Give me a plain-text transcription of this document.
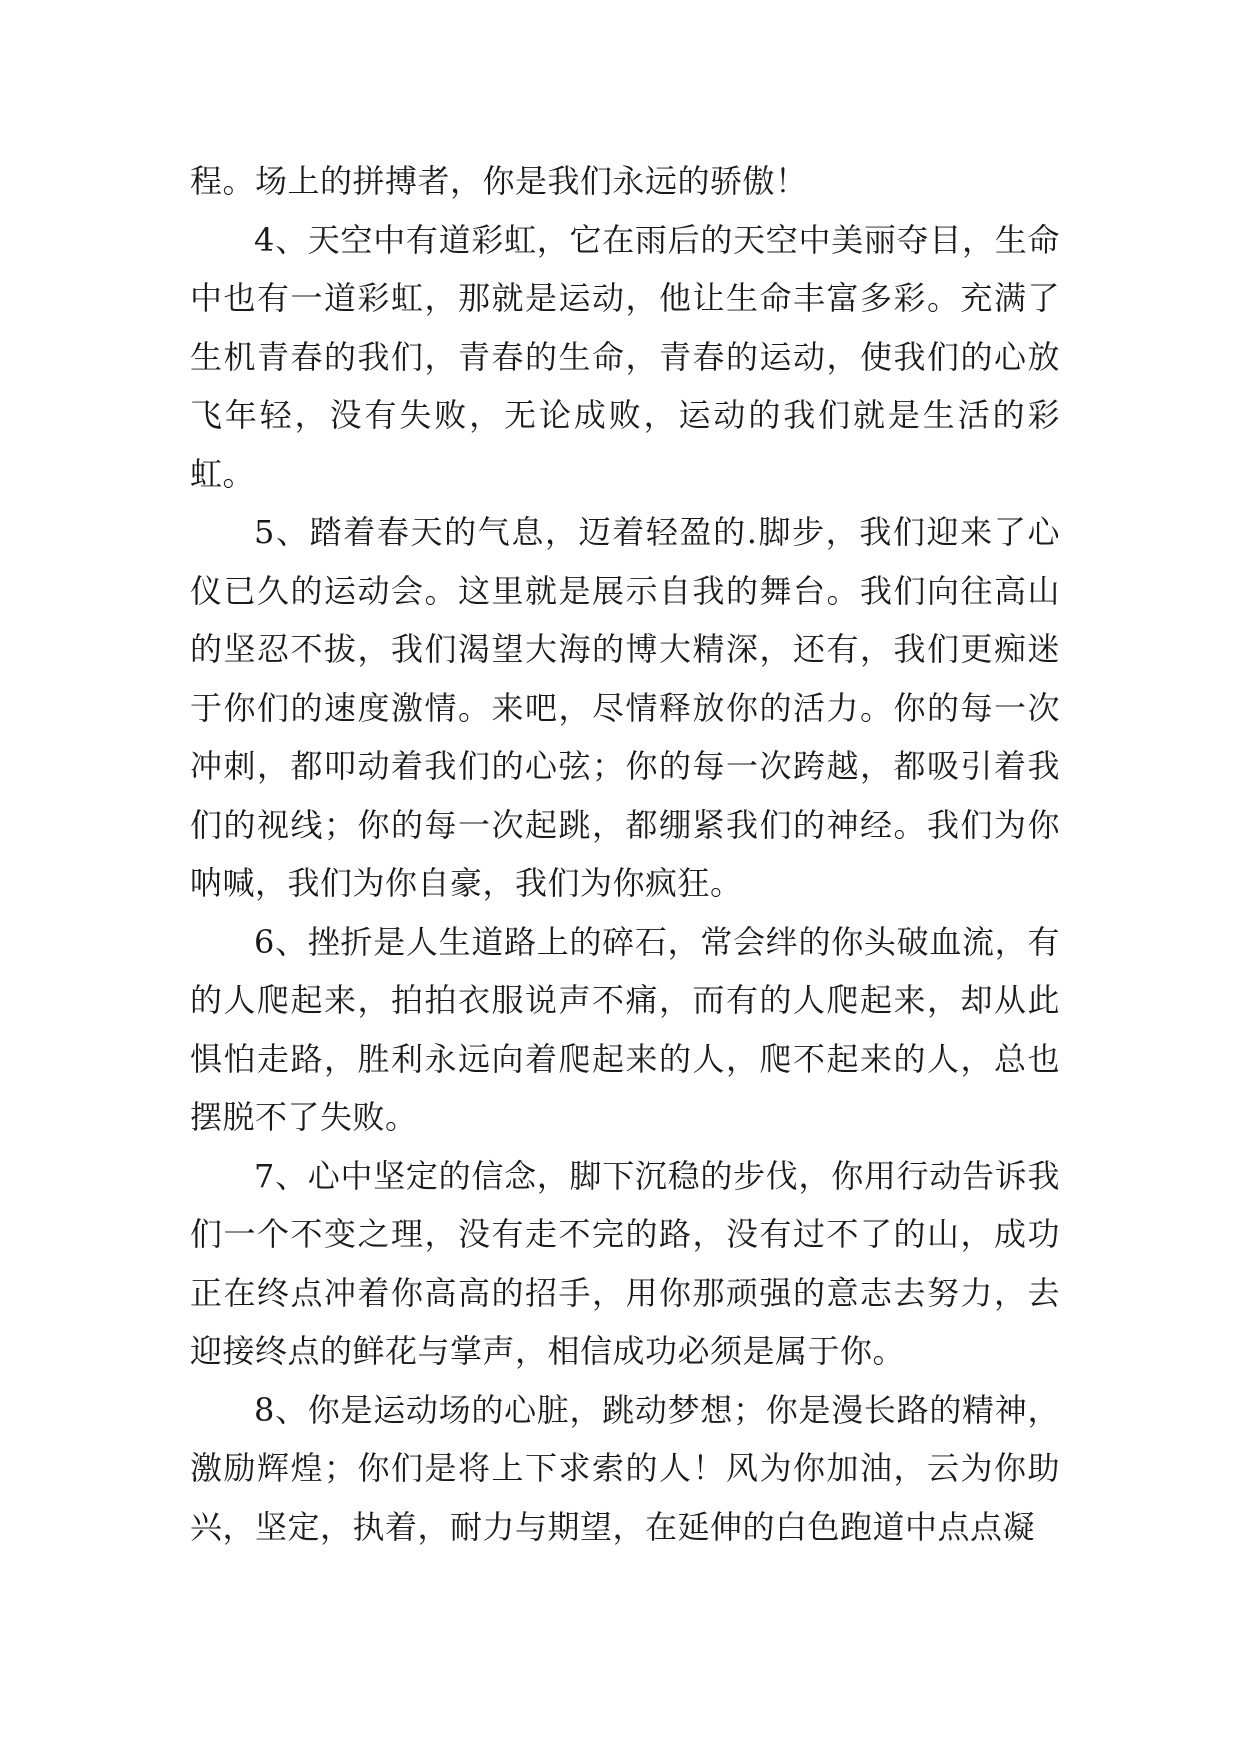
程。场上的拼搏者，你是我们永远的骄傲！

4、天空中有道彩虹，它在雨后的天空中美丽夺目，生命中也有一道彩虹，那就是运动，他让生命丰富多彩。充满了生机青春的我们，青春的生命，青春的运动，使我们的心放飞年轻，没有失败，无论成败，运动的我们就是生活的彩虹。

5、踏着春天的气息，迈着轻盈的.脚步，我们迎来了心仪已久的运动会。这里就是展示自我的舞台。我们向往高山的坚忍不拔，我们渴望大海的博大精深，还有，我们更痴迷于你们的速度激情。来吧，尽情释放你的活力。你的每一次冲刺，都叩动着我们的心弦；你的每一次跨越，都吸引着我们的视线；你的每一次起跳，都绷紧我们的神经。我们为你呐喊，我们为你自豪，我们为你疯狂。

6、挫折是人生道路上的碎石，常会绊的你头破血流，有的人爬起来，拍拍衣服说声不痛，而有的人爬起来，却从此惧怕走路，胜利永远向着爬起来的人，爬不起来的人，总也摆脱不了失败。

7、心中坚定的信念，脚下沉稳的步伐，你用行动告诉我们一个不变之理，没有走不完的路，没有过不了的山，成功正在终点冲着你高高的招手，用你那顽强的意志去努力，去迎接终点的鲜花与掌声，相信成功必须是属于你。

8、你是运动场的心脏，跳动梦想；你是漫长路的精神，激励辉煌；你们是将上下求索的人！风为你加油，云为你助兴，坚定，执着，耐力与期望，在延伸的白色跑道中点点凝
